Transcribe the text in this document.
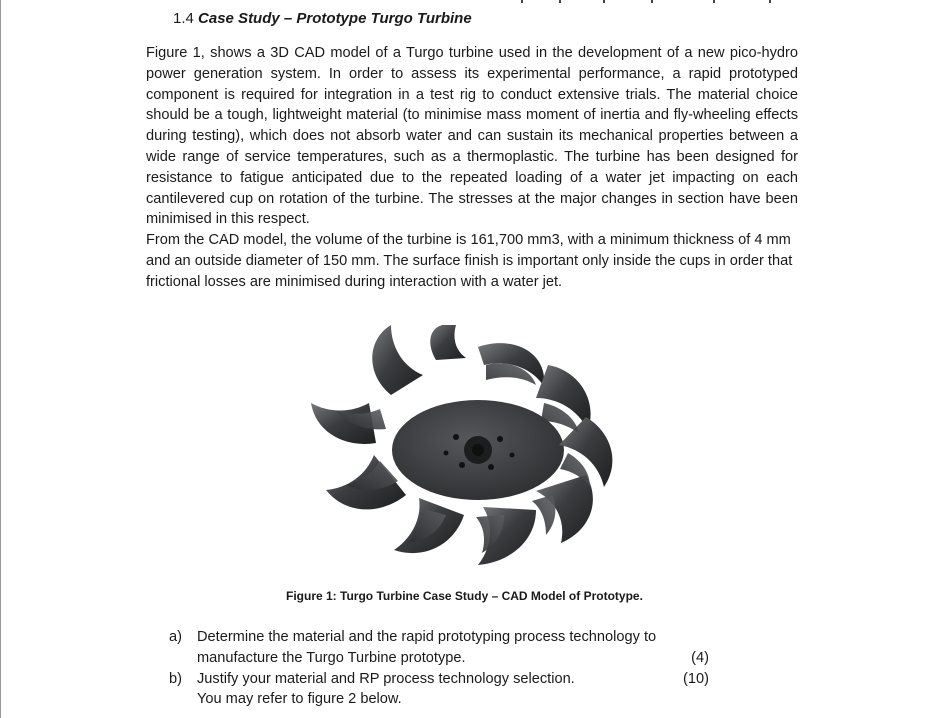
1.4 Case Study – Prototype Turgo Turbine

Figure 1, shows a 3D CAD model of a Turgo turbine used in the development of a new pico-hydro power generation system. In order to assess its experimental performance, a rapid prototyped component is required for integration in a test rig to conduct extensive trials. The material choice should be a tough, lightweight material (to minimise mass moment of inertia and fly-wheeling effects during testing), which does not absorb water and can sustain its mechanical properties between a wide range of service temperatures, such as a thermoplastic. The turbine has been designed for resistance to fatigue anticipated due to the repeated loading of a water jet impacting on each cantilevered cup on rotation of the turbine. The stresses at the major changes in section have been minimised in this respect.

From the CAD model, the volume of the turbine is 161,700 mm3, with a minimum thickness of 4 mm and an outside diameter of 150 mm. The surface finish is important only inside the cups in order that frictional losses are minimised during interaction with a water jet.

Figure 1: Turgo Turbine Case Study – CAD Model of Prototype.
a) Determine the material and the rapid prototyping process technology to
manufacture the Turgo Turbine prototype.	(4)
b) Justify your material and RP process technology selection.	(10)
You may refer to figure 2 below.
